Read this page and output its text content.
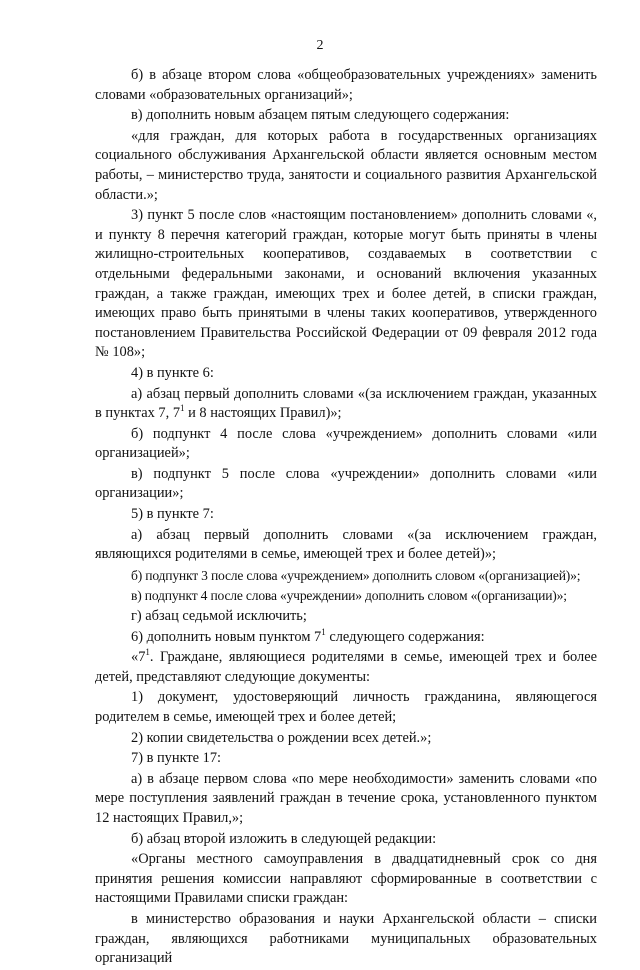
2

б) в абзаце втором слова «общеобразовательных учреждениях» заменить словами «образовательных организаций»;

в) дополнить новым абзацем пятым следующего содержания:

«для граждан, для которых работа в государственных организациях социального обслуживания Архангельской области является основным местом работы, – министерство труда, занятости и социального развития Архангельской области.»;

3) пункт 5 после слов «настоящим постановлением» дополнить словами «, и пункту 8 перечня категорий граждан, которые могут быть приняты в члены жилищно-строительных кооперативов, создаваемых в соответствии с отдельными федеральными законами, и оснований включения указанных граждан, а также граждан, имеющих трех и более детей, в списки граждан, имеющих право быть принятыми в члены таких кооперативов, утвержденного постановлением Правительства Российской Федерации от 09 февраля 2012 года № 108»;

4) в пункте 6:

а) абзац первый дополнить словами «(за исключением граждан, указанных в пунктах 7, $7^1$ и 8 настоящих Правил)»;

б) подпункт 4 после слова «учреждением» дополнить словами «или организацией»;

в) подпункт 5 после слова «учреждении» дополнить словами «или организации»;

5) в пункте 7:

а) абзац первый дополнить словами «(за исключением граждан, являющихся родителями в семье, имеющей трех и более детей)»;

б) подпункт 3 после слова «учреждением» дополнить словом «(организацией)»;

в) подпункт 4 после слова «учреждении» дополнить словом «(организации)»;

г) абзац седьмой исключить;

6) дополнить новым пунктом $7^1$ следующего содержания:

«$7^1$. Граждане, являющиеся родителями в семье, имеющей трех и более детей, представляют следующие документы:

1) документ, удостоверяющий личность гражданина, являющегося родителем в семье, имеющей трех и более детей;

2) копии свидетельства о рождении всех детей.»;

7) в пункте 17:

а) в абзаце первом слова «по мере необходимости» заменить словами «по мере поступления заявлений граждан в течение срока, установленного пунктом 12 настоящих Правил,»;

б) абзац второй изложить в следующей редакции:

«Органы местного самоуправления в двадцатидневный срок со дня принятия решения комиссии направляют сформированные в соответствии с настоящими Правилами списки граждан:

в министерство образования и науки Архангельской области – списки граждан, являющихся работниками муниципальных образовательных организаций
